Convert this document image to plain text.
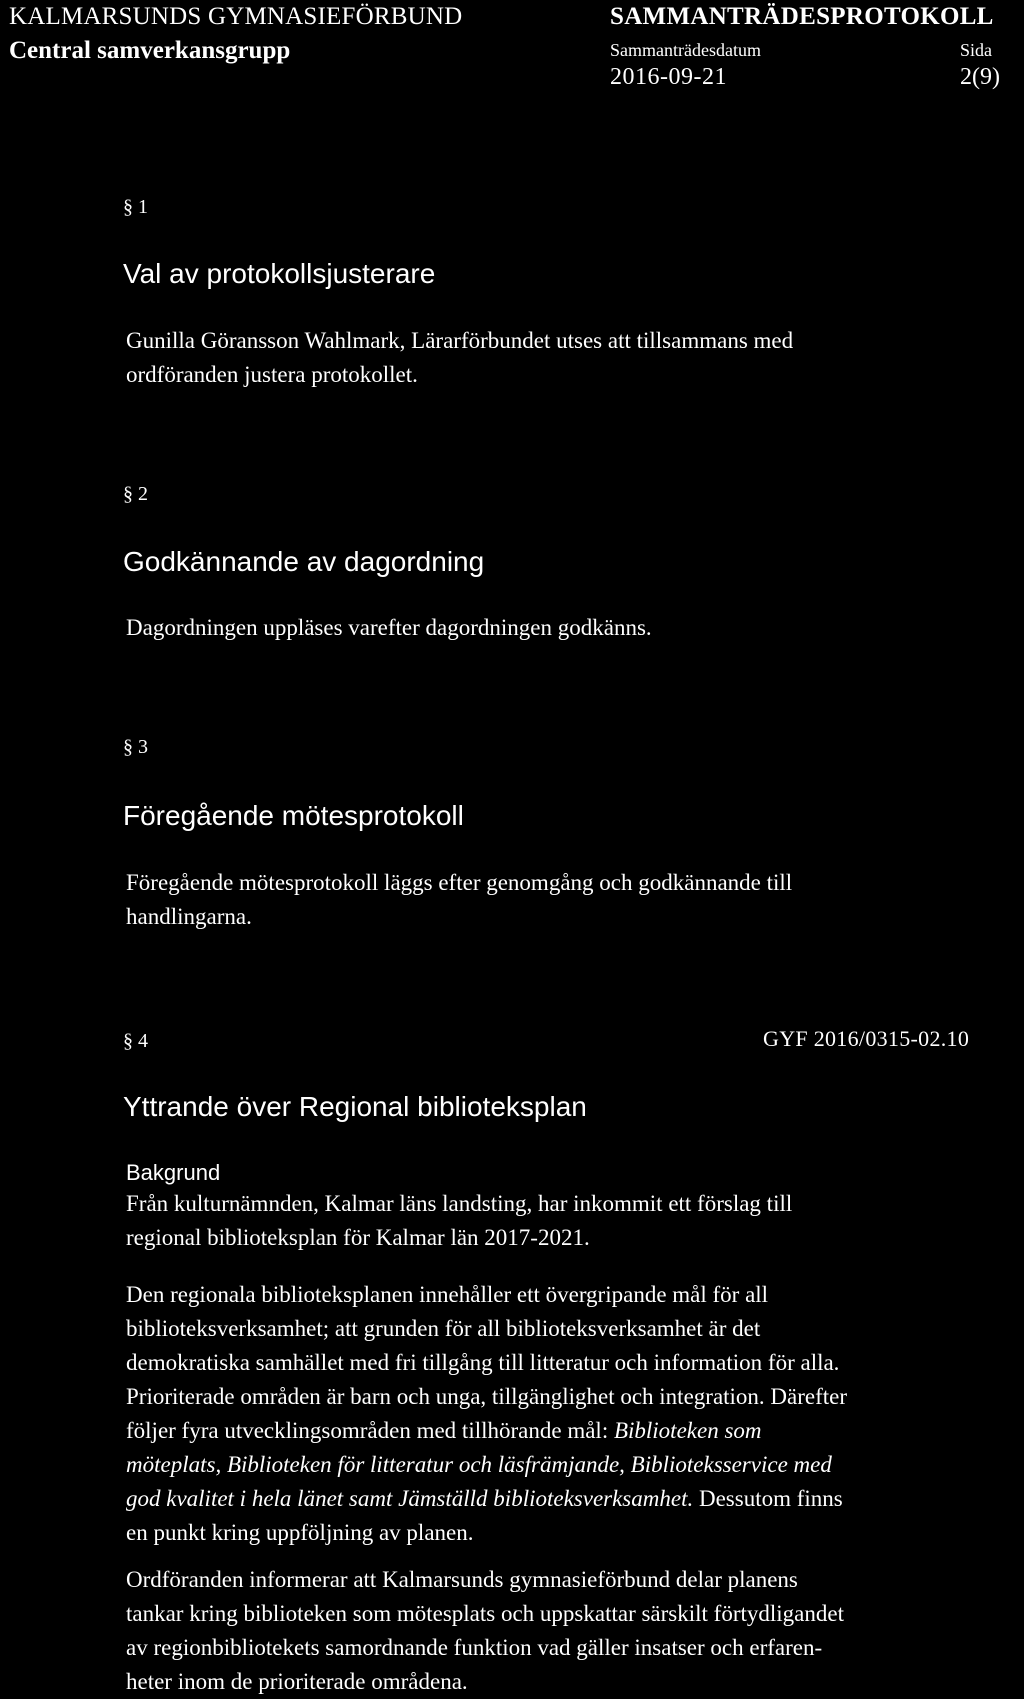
KALMARSUNDS GYMNASIEFÖRBUND
Central samverkansgrupp
SAMMANTRÄDESPROTOKOLL
Sammanträdesdatum
2016-09-21
Sida
2(9)
§ 1
Val av protokollsjusterare
Gunilla Göransson Wahlmark, Lärarförbundet utses att tillsammans med
ordföranden justera protokollet.
§ 2
Godkännande av dagordning
Dagordningen uppläses varefter dagordningen godkänns.
§ 3
Föregående mötesprotokoll
Föregående mötesprotokoll läggs efter genomgång och godkännande till
handlingarna.
§ 4	GYF 2016/0315-02.10
Yttrande över Regional biblioteksplan
Bakgrund
Från kulturnämnden, Kalmar läns landsting, har inkommit ett förslag till
regional biblioteksplan för Kalmar län 2017-2021.
Den regionala biblioteksplanen innehåller ett övergripande mål för all
biblioteksverksamhet; att grunden för all biblioteksverksamhet är det
demokratiska samhället med fri tillgång till litteratur och information för alla.
Prioriterade områden är barn och unga, tillgänglighet och integration. Därefter
följer fyra utvecklingsområden med tillhörande mål: Biblioteken som
möteplats, Biblioteken för litteratur och läsfrämjande, Biblioteksservice med
god kvalitet i hela länet samt Jämställd biblioteksverksamhet. Dessutom finns
en punkt kring uppföljning av planen.
Ordföranden informerar att Kalmarsunds gymnasieförbund delar planens
tankar kring biblioteken som mötesplats och uppskattar särskilt förtydligandet
av regionbibliotekets samordnande funktion vad gäller insatser och erfaren-
heter inom de prioriterade områdena.
